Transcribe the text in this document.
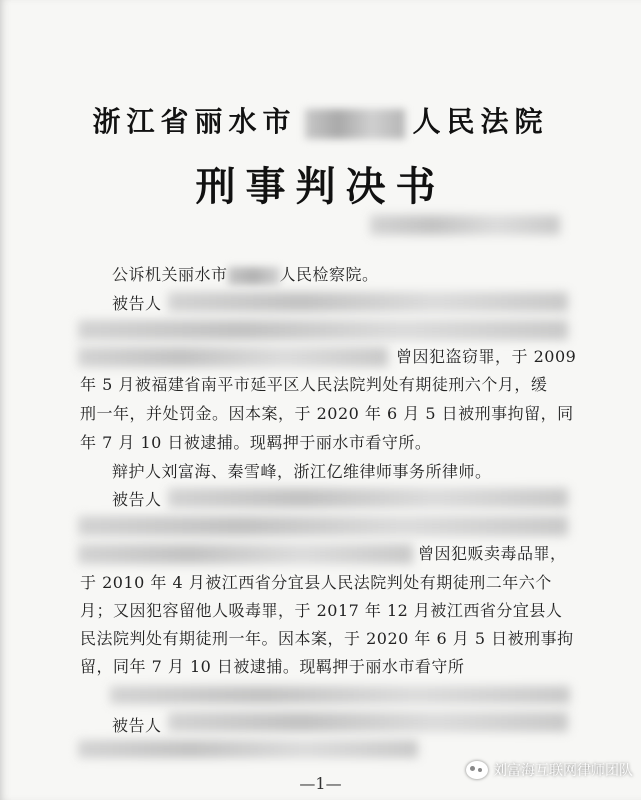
浙江省丽水市	人民法院
刑事判决书
公诉机关丽水市	人民检察院。
被告人
曾因犯盗窃罪，于 2009
年 5 月被福建省南平市延平区人民法院判处有期徒刑六个月，缓
刑一年，并处罚金。因本案，于 2020 年 6 月 5 日被刑事拘留，同
年 7 月 10 日被逮捕。现羁押于丽水市看守所。
辩护人刘富海、秦雪峰，浙江亿维律师事务所律师。
被告人
曾因犯贩卖毒品罪，
于 2010 年 4 月被江西省分宜县人民法院判处有期徒刑二年六个
月；又因犯容留他人吸毒罪，于 2017 年 12 月被江西省分宜县人
民法院判处有期徒刑一年。因本案，于 2020 年 6 月 5 日被刑事拘
留，同年 7 月 10 日被逮捕。现羁押于丽水市看守所
被告人
—1—
刘富海互联网律师团队
